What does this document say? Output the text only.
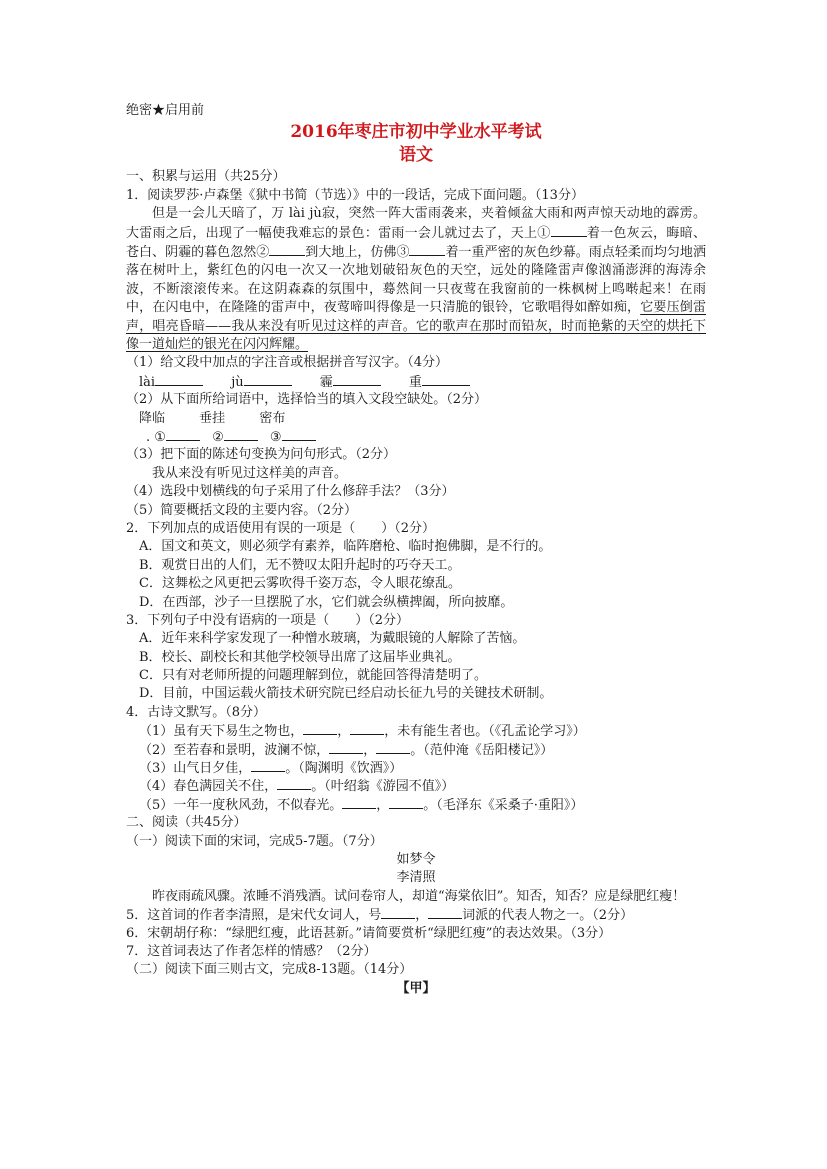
绝密★启用前
2016年枣庄市初中学业水平考试
语文
一、积累与运用（共25分）
1．阅读罗莎·卢森堡《狱中书简（节选）》中的一段话，完成下面问题。（13分）
但是一会儿天暗了，万 lài jù寂，突然一阵大雷雨袭来，夹着倾盆大雨和两声惊天动地的霹雳。大雷雨之后，出现了一幅使我难忘的景色：雷雨一会儿就过去了，天上①	着一色灰云，晦暗、苍白、阴霾的暮色忽然②	到大地上，仿佛③	着一重严密的灰色纱幕。雨点轻柔而均匀地洒落在树叶上，紫红色的闪电一次又一次地划破铅灰色的天空，远处的隆隆雷声像汹涌澎湃的海涛余波，不断滚滚传来。在这阴森森的氛围中，蓦然间一只夜莺在我窗前的一株枫树上鸣啭起来！在雨中，在闪电中，在隆隆的雷声中，夜莺啼叫得像是一只清脆的银铃，它歌唱得如醉如痴，它要压倒雷声，唱亮昏暗——我从来没有听见过这样的声音。它的歌声在那时而铅灰，时而艳紫的天空的烘托下像一道灿烂的银光在闪闪辉耀。
（1）给文段中加点的字注音或根据拼音写汉字。（4分）
lài	jù	霾	重
（2）从下面所给词语中，选择恰当的填入文段空缺处。（2分）
降临	垂挂	密布
. ①	②	③
（3）把下面的陈述句变换为问句形式。（2分）
我从来没有听见过这样美的声音。
（4）选段中划横线的句子采用了什么修辞手法？（3分）
（5）简要概括文段的主要内容。（2分）
2．下列加点的成语使用有误的一项是（　　）（2分）
A．国文和英文，则必须学有素养，临阵磨枪、临时抱佛脚，是不行的。
B．观赏日出的人们，无不赞叹太阳升起时的巧夺天工。
C．这舞松之风更把云雾吹得千姿万态，令人眼花缭乱。
D．在西部，沙子一旦摆脱了水，它们就会纵横捭阖，所向披靡。
3．下列句子中没有语病的一项是（　　）（2分）
A．近年来科学家发现了一种憎水玻璃，为戴眼镜的人解除了苦恼。
B．校长、副校长和其他学校领导出席了这届毕业典礼。
C．只有对老师所提的问题理解到位，就能回答得清楚明了。
D．目前，中国运载火箭技术研究院已经启动长征九号的关键技术研制。
4．古诗文默写。（8分）
（1）虽有天下易生之物也，	，	，未有能生者也。（《孔孟论学习》）
（2）至若春和景明，波澜不惊，	，	。（范仲淹《岳阳楼记》）
（3）山气日夕佳，	。（陶渊明《饮酒》）
（4）春色满园关不住，	。（叶绍翁《游园不值》）
（5）一年一度秋风劲，不似春光。	，	。（毛泽东《采桑子·重阳》）
二、阅读（共45分）
（一）阅读下面的宋词，完成5-7题。（7分）
如梦令
李清照
昨夜雨疏风骤。浓睡不消残酒。试问卷帘人，却道“海棠依旧”。知否，知否？应是绿肥红瘦！
5．这首词的作者李清照，是宋代女词人，号	，	词派的代表人物之一。（2分）
6．宋朝胡仔称：“绿肥红瘦，此语甚新。”请简要赏析“绿肥红瘦”的表达效果。（3分）
7．这首词表达了作者怎样的情感？（2分）
（二）阅读下面三则古文，完成8-13题。（14分）
【甲】
